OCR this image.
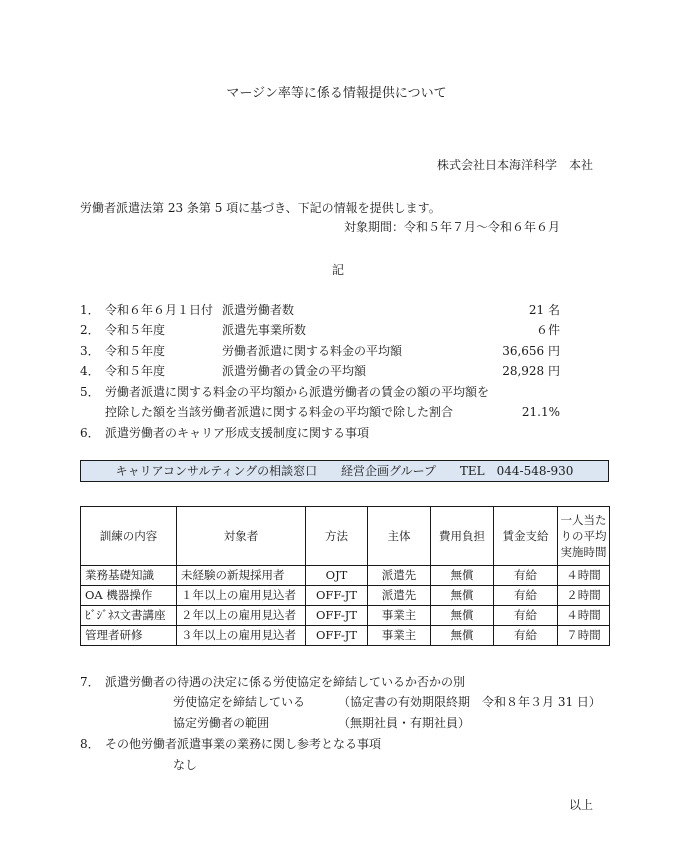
マージン率等に係る情報提供について
株式会社日本海洋科学　本社
労働者派遣法第 23 条第 5 項に基づき、下記の情報を提供します。
対象期間：令和５年７月～令和６年６月
記
1． 令和６年６月１日付 派遣労働者数	21 名
2． 令和５年度	派遣先事業所数	６件
3． 令和５年度	労働者派遣に関する料金の平均額	36,656 円
4． 令和５年度	派遣労働者の賃金の平均額	28,928 円
5． 労働者派遣に関する料金の平均額から派遣労働者の賃金の額の平均額を
控除した額を当該労働者派遣に関する料金の平均額で除した割合	21.1%
6． 派遣労働者のキャリア形成支援制度に関する事項
キャリアコンサルティングの相談窓口 経営企画グループ TEL　044-548-930
訓練の内容	対象者	方法	主体	費用負担	賃金支給	一人当たりの平均実施時間
業務基礎知識	未経験の新規採用者	OJT	派遣先	無償	有給	４時間
OA 機器操作	１年以上の雇用見込者	OFF-JT	派遣先	無償	有給	２時間
ﾋﾞｼﾞﾈｽ文書講座	２年以上の雇用見込者	OFF-JT	事業主	無償	有給	４時間
管理者研修	３年以上の雇用見込者	OFF-JT	事業主	無償	有給	７時間
7． 派遣労働者の待遇の決定に係る労使協定を締結しているか否かの別
労使協定を締結している	（協定書の有効期限終期　令和８年３月 31 日）
協定労働者の範囲	（無期社員・有期社員）
8． その他労働者派遣事業の業務に関し参考となる事項
なし
以上
